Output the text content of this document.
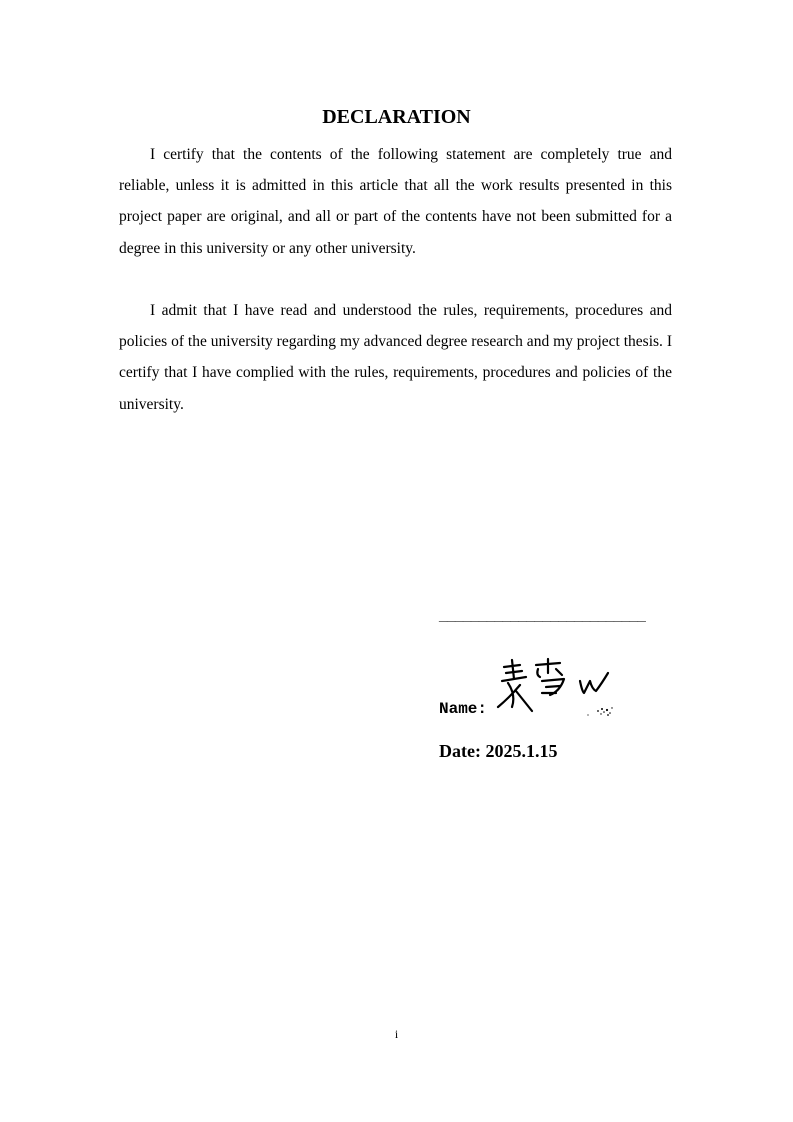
DECLARATION

I certify that the contents of the following statement are completely true and reliable, unless it is admitted in this article that all the work results presented in this project paper are original, and all or part of the contents have not been submitted for a degree in this university or any other university.

I admit that I have read and understood the rules, requirements, procedures and policies of the university regarding my advanced degree research and my project thesis. I certify that I have complied with the rules, requirements, procedures and policies of the university.

__________________________
Name:
Date: 2025.1.15
i
